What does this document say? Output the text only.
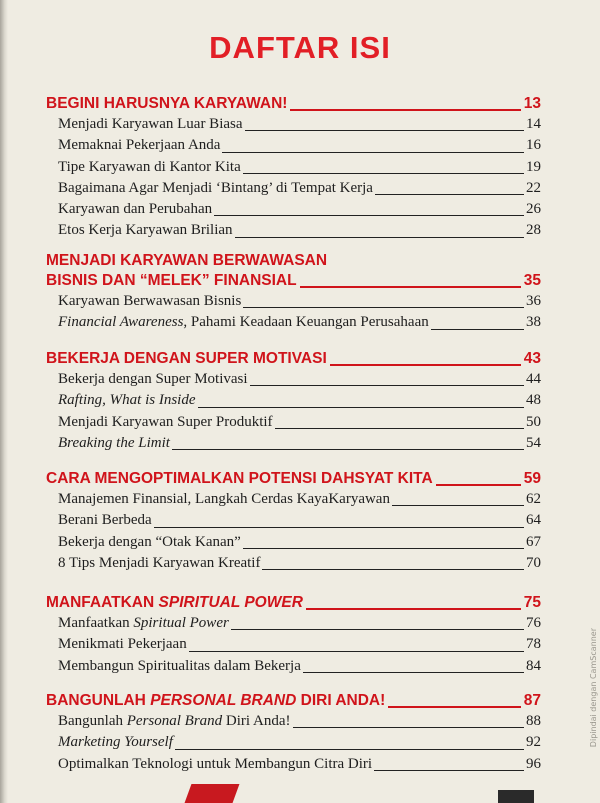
DAFTAR ISI
BEGINI HARUSNYA KARYAWAN!	13
Menjadi Karyawan Luar Biasa	14
Memaknai Pekerjaan Anda	16
Tipe Karyawan di Kantor Kita	19
Bagaimana Agar Menjadi ‘Bintang’ di Tempat Kerja	22
Karyawan dan Perubahan	26
Etos Kerja Karyawan Brilian	28
MENJADI KARYAWAN BERWAWASAN
BISNIS DAN “MELEK” FINANSIAL	35
Karyawan Berwawasan Bisnis	36
Financial Awareness, Pahami Keadaan Keuangan Perusahaan	38
BEKERJA DENGAN SUPER MOTIVASI	43
Bekerja dengan Super Motivasi	44
Rafting, What is Inside	48
Menjadi Karyawan Super Produktif	50
Breaking the Limit	54
CARA MENGOPTIMALKAN POTENSI DAHSYAT KITA	59
Manajemen Finansial, Langkah Cerdas KayaKaryawan	62
Berani Berbeda	64
Bekerja dengan “Otak Kanan”	67
8 Tips Menjadi Karyawan Kreatif	70
MANFAATKAN SPIRITUAL POWER	75
Manfaatkan Spiritual Power	76
Menikmati Pekerjaan	78
Membangun Spiritualitas dalam Bekerja	84
BANGUNLAH PERSONAL BRAND DIRI ANDA!	87
Bangunlah Personal Brand Diri Anda!	88
Marketing Yourself	92
Optimalkan Teknologi untuk Membangun Citra Diri	96
Dipindai dengan CamScanner
